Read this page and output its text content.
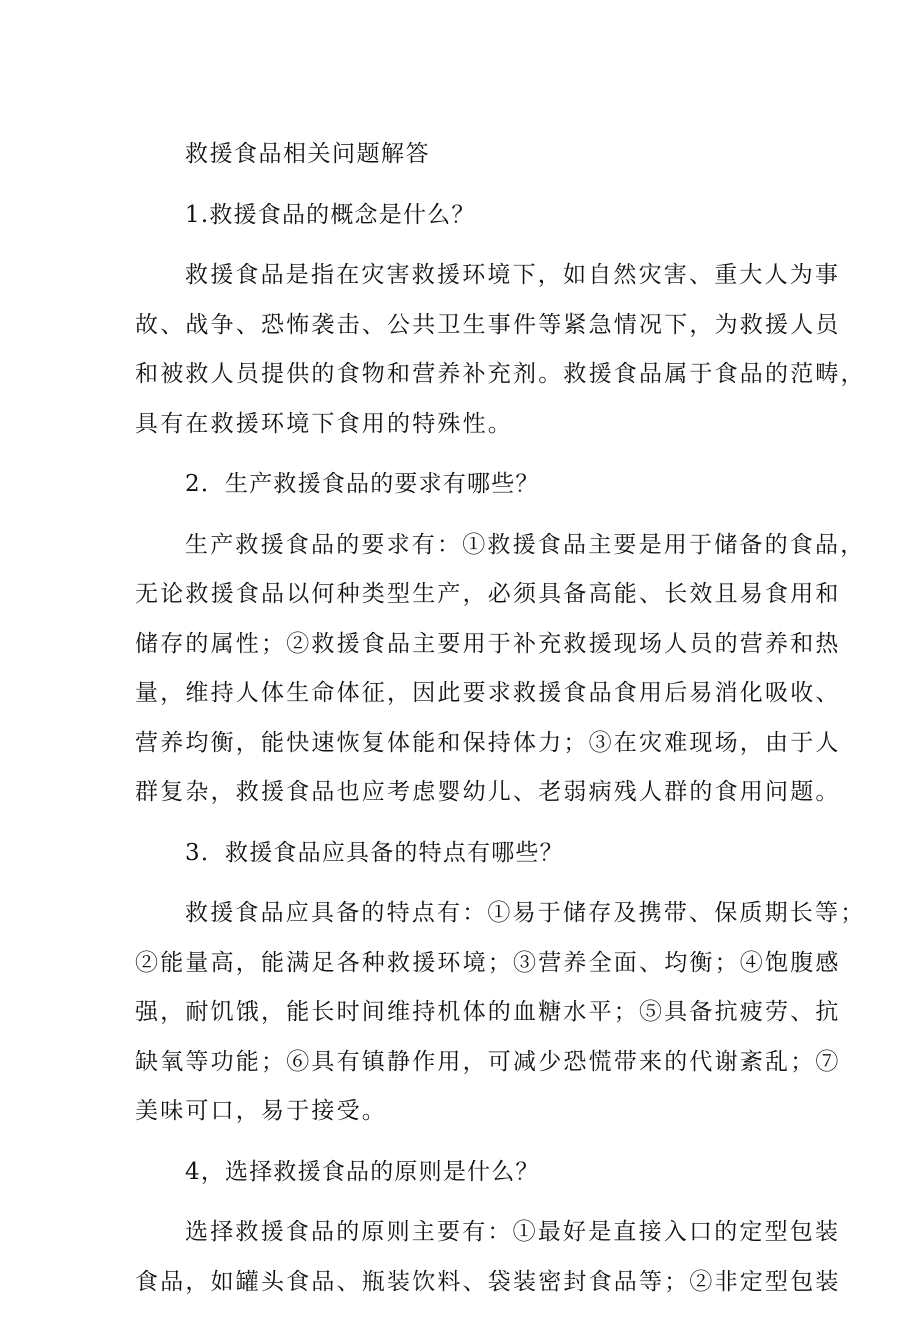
救援食品相关问题解答
1.救援食品的概念是什么？
救援食品是指在灾害救援环境下，如自然灾害、重大人为事
故、战争、恐怖袭击、公共卫生事件等紧急情况下，为救援人员
和被救人员提供的食物和营养补充剂。救援食品属于食品的范畴，
具有在救援环境下食用的特殊性。
2．生产救援食品的要求有哪些？
生产救援食品的要求有：①救援食品主要是用于储备的食品，
无论救援食品以何种类型生产，必须具备高能、长效且易食用和
储存的属性；②救援食品主要用于补充救援现场人员的营养和热
量，维持人体生命体征，因此要求救援食品食用后易消化吸收、
营养均衡，能快速恢复体能和保持体力；③在灾难现场，由于人
群复杂，救援食品也应考虑婴幼儿、老弱病残人群的食用问题。
3．救援食品应具备的特点有哪些？
救援食品应具备的特点有：①易于储存及携带、保质期长等；
②能量高，能满足各种救援环境；③营养全面、均衡；④饱腹感
强，耐饥饿，能长时间维持机体的血糖水平；⑤具备抗疲劳、抗
缺氧等功能；⑥具有镇静作用，可减少恐慌带来的代谢紊乱；⑦
美味可口，易于接受。
4，选择救援食品的原则是什么？
选择救援食品的原则主要有：①最好是直接入口的定型包装
食品，如罐头食品、瓶装饮料、袋装密封食品等；②非定型包装
